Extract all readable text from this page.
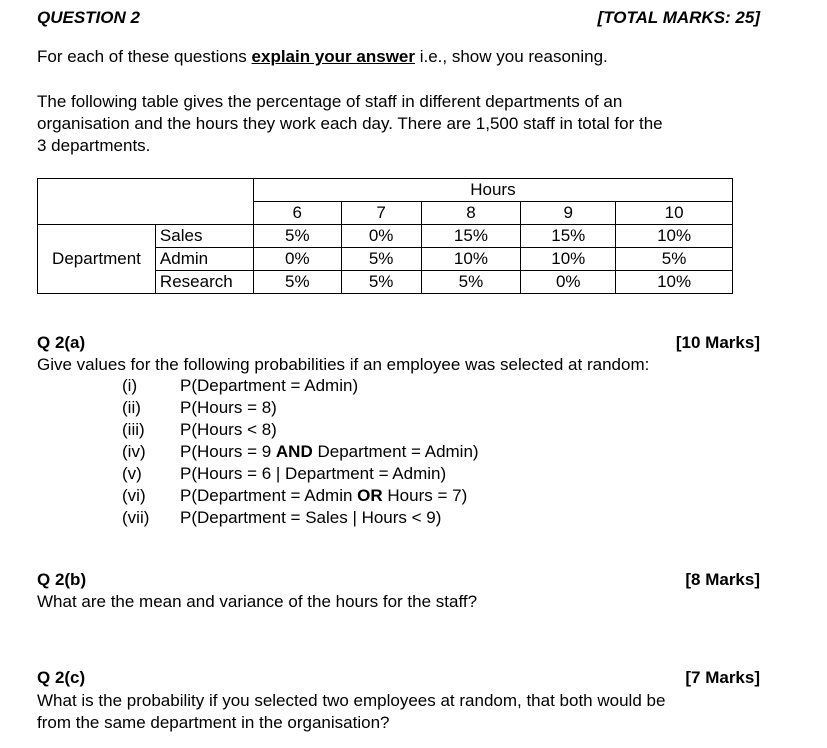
QUESTION 2	[TOTAL MARKS: 25]
For each of these questions explain your answer i.e., show you reasoning.
The following table gives the percentage of staff in different departments of an
organisation and the hours they work each day. There are 1,500 staff in total for the
3 departments.
		Hours				
		6	7	8	9	10
Department	Sales	5%	0%	15%	15%	10%
	Admin	0%	5%	10%	10%	5%
	Research	5%	5%	5%	0%	10%
Q 2(a)	[10 Marks]
Give values for the following probabilities if an employee was selected at random:
(i)	P(Department = Admin)
(ii) P(Hours = 8)
(iii) P(Hours < 8)
(iv) P(Hours = 9 AND Department = Admin)
(v) P(Hours = 6 | Department = Admin)
(vi) P(Department = Admin OR Hours = 7)
(vii) P(Department = Sales | Hours < 9)
Q 2(b)	[8 Marks]
What are the mean and variance of the hours for the staff?
Q 2(c)	[7 Marks]
What is the probability if you selected two employees at random, that both would be
from the same department in the organisation?
